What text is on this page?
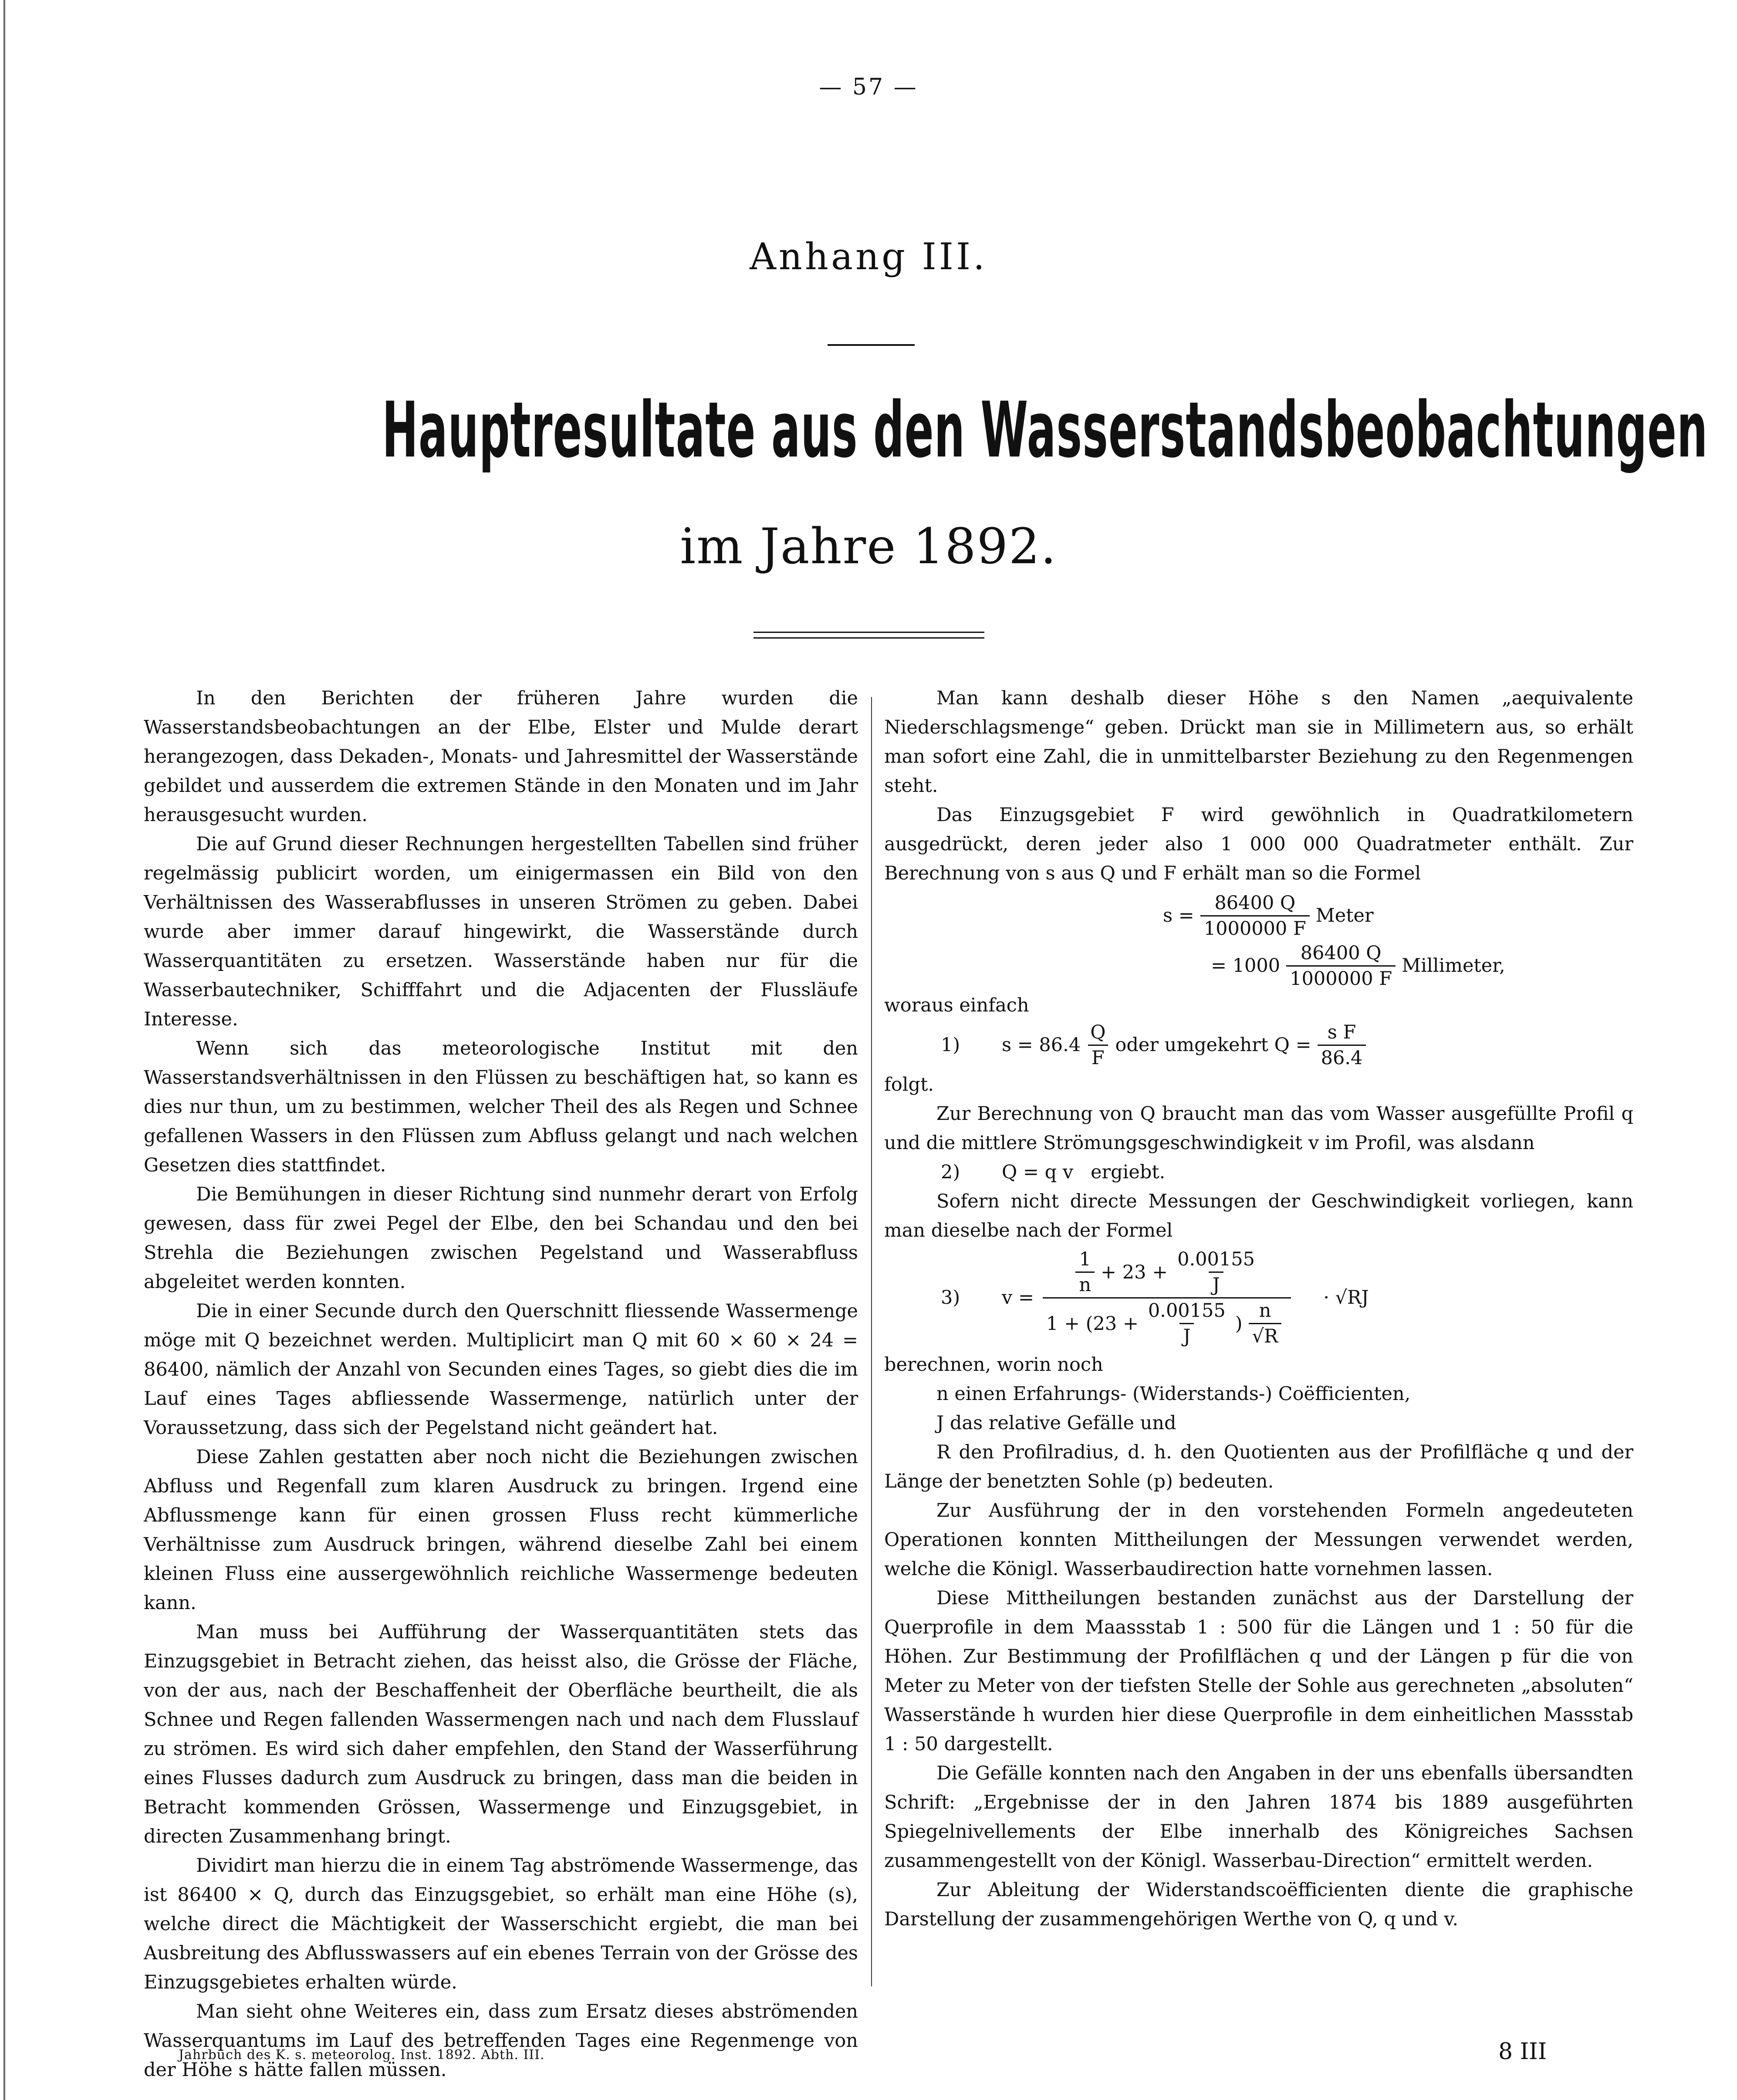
— 57 —
Anhang III.
Hauptresultate aus den Wasserstandsbeobachtungen
im Jahre 1892.

In den Berichten der früheren Jahre wurden die Wasserstandsbeobachtungen an der Elbe, Elster und Mulde derart herangezogen, dass Dekaden-, Monats- und Jahresmittel der Wasserstände gebildet und ausserdem die extremen Stände in den Monaten und im Jahr herausgesucht wurden.

Die auf Grund dieser Rechnungen hergestellten Tabellen sind früher regelmässig publicirt worden, um einigermassen ein Bild von den Verhältnissen des Wasserabflusses in unseren Strömen zu geben. Dabei wurde aber immer darauf hingewirkt, die Wasserstände durch Wasserquantitäten zu ersetzen. Wasserstände haben nur für die Wasserbautechniker, Schifffahrt und die Adjacenten der Flussläufe Interesse.

Wenn sich das meteorologische Institut mit den Wasserstandsverhältnissen in den Flüssen zu beschäftigen hat, so kann es dies nur thun, um zu bestimmen, welcher Theil des als Regen und Schnee gefallenen Wassers in den Flüssen zum Abfluss gelangt und nach welchen Gesetzen dies stattfindet.

Die Bemühungen in dieser Richtung sind nunmehr derart von Erfolg gewesen, dass für zwei Pegel der Elbe, den bei Schandau und den bei Strehla die Beziehungen zwischen Pegelstand und Wasserabfluss abgeleitet werden konnten.

Die in einer Secunde durch den Querschnitt fliessende Wassermenge möge mit Q bezeichnet werden. Multiplicirt man Q mit 60 × 60 × 24 = 86400, nämlich der Anzahl von Secunden eines Tages, so giebt dies die im Lauf eines Tages abfliessende Wassermenge, natürlich unter der Voraussetzung, dass sich der Pegelstand nicht geändert hat.

Diese Zahlen gestatten aber noch nicht die Beziehungen zwischen Abfluss und Regenfall zum klaren Ausdruck zu bringen. Irgend eine Abflussmenge kann für einen grossen Fluss recht kümmerliche Verhältnisse zum Ausdruck bringen, während dieselbe Zahl bei einem kleinen Fluss eine aussergewöhnlich reichliche Wassermenge bedeuten kann.

Man muss bei Aufführung der Wasserquantitäten stets das Einzugsgebiet in Betracht ziehen, das heisst also, die Grösse der Fläche, von der aus, nach der Beschaffenheit der Oberfläche beurtheilt, die als Schnee und Regen fallenden Wassermengen nach und nach dem Flusslauf zu strömen. Es wird sich daher empfehlen, den Stand der Wasserführung eines Flusses dadurch zum Ausdruck zu bringen, dass man die beiden in Betracht kommenden Grössen, Wassermenge und Einzugsgebiet, in directen Zusammenhang bringt.

Dividirt man hierzu die in einem Tag abströmende Wassermenge, das ist 86400 × Q, durch das Einzugsgebiet, so erhält man eine Höhe (s), welche direct die Mächtigkeit der Wasserschicht ergiebt, die man bei Ausbreitung des Abflusswassers auf ein ebenes Terrain von der Grösse des Einzugsgebietes erhalten würde.

Man sieht ohne Weiteres ein, dass zum Ersatz dieses abströmenden Wasserquantums im Lauf des betreffenden Tages eine Regenmenge von der Höhe s hätte fallen müssen.

Man kann deshalb dieser Höhe s den Namen „aequivalente Niederschlagsmenge“ geben. Drückt man sie in Millimetern aus, so erhält man sofort eine Zahl, die in unmittelbarster Beziehung zu den Regenmengen steht.

Das Einzugsgebiet F wird gewöhnlich in Quadratkilometern ausgedrückt, deren jeder also 1 000 000 Quadratmeter enthält. Zur Berechnung von s aus Q und F erhält man so die Formel

$s = \frac{86400 Q}{1000000 F}$ Meter
= $1000 \frac{86400 Q}{1000000 F}$ Millimeter,
woraus einfach
1)	$s = 86.4 \frac{Q}{F}$ oder umgekehrt $Q = \frac{\text{s F}}{86.4}$
folgt.

Zur Berechnung von Q braucht man das vom Wasser ausgefüllte Profil q und die mittlere Strömungsgeschwindigkeit v im Profil, was alsdann

2)	Q = q v ergiebt.

Sofern nicht directe Messungen der Geschwindigkeit vorliegen, kann man dieselbe nach der Formel

3)	v =
$\frac{1}{n} + 23 + \frac{0.00155}{J}$
$1 + (23 + \frac{0.00155}{J}$ ) $\frac{n}{√R}$
· √RJ
berechnen, worin noch
n einen Erfahrungs- (Widerstands-) Coëfficienten,
J das relative Gefälle und

R den Profilradius, d. h. den Quotienten aus der Profilfläche q und der Länge der benetzten Sohle (p) bedeuten.

Zur Ausführung der in den vorstehenden Formeln angedeuteten Operationen konnten Mittheilungen der Messungen verwendet werden, welche die Königl. Wasserbaudirection hatte vornehmen lassen.

Diese Mittheilungen bestanden zunächst aus der Darstellung der Querprofile in dem Maassstab 1 : 500 für die Längen und 1 : 50 für die Höhen. Zur Bestimmung der Profilflächen q und der Längen p für die von Meter zu Meter von der tiefsten Stelle der Sohle aus gerechneten „absoluten“ Wasserstände h wurden hier diese Querprofile in dem einheitlichen Massstab 1 : 50 dargestellt.

Die Gefälle konnten nach den Angaben in der uns ebenfalls übersandten Schrift: „Ergebnisse der in den Jahren 1874 bis 1889 ausgeführten Spiegelnivellements der Elbe innerhalb des Königreiches Sachsen zusammengestellt von der Königl. Wasserbau-Direction“ ermittelt werden.

Zur Ableitung der Widerstandscoëfficienten diente die graphische Darstellung der zusammengehörigen Werthe von Q, q und v.

Jahrbuch des K. s. meteorolog. Inst. 1892. Abth. III.	8 III
